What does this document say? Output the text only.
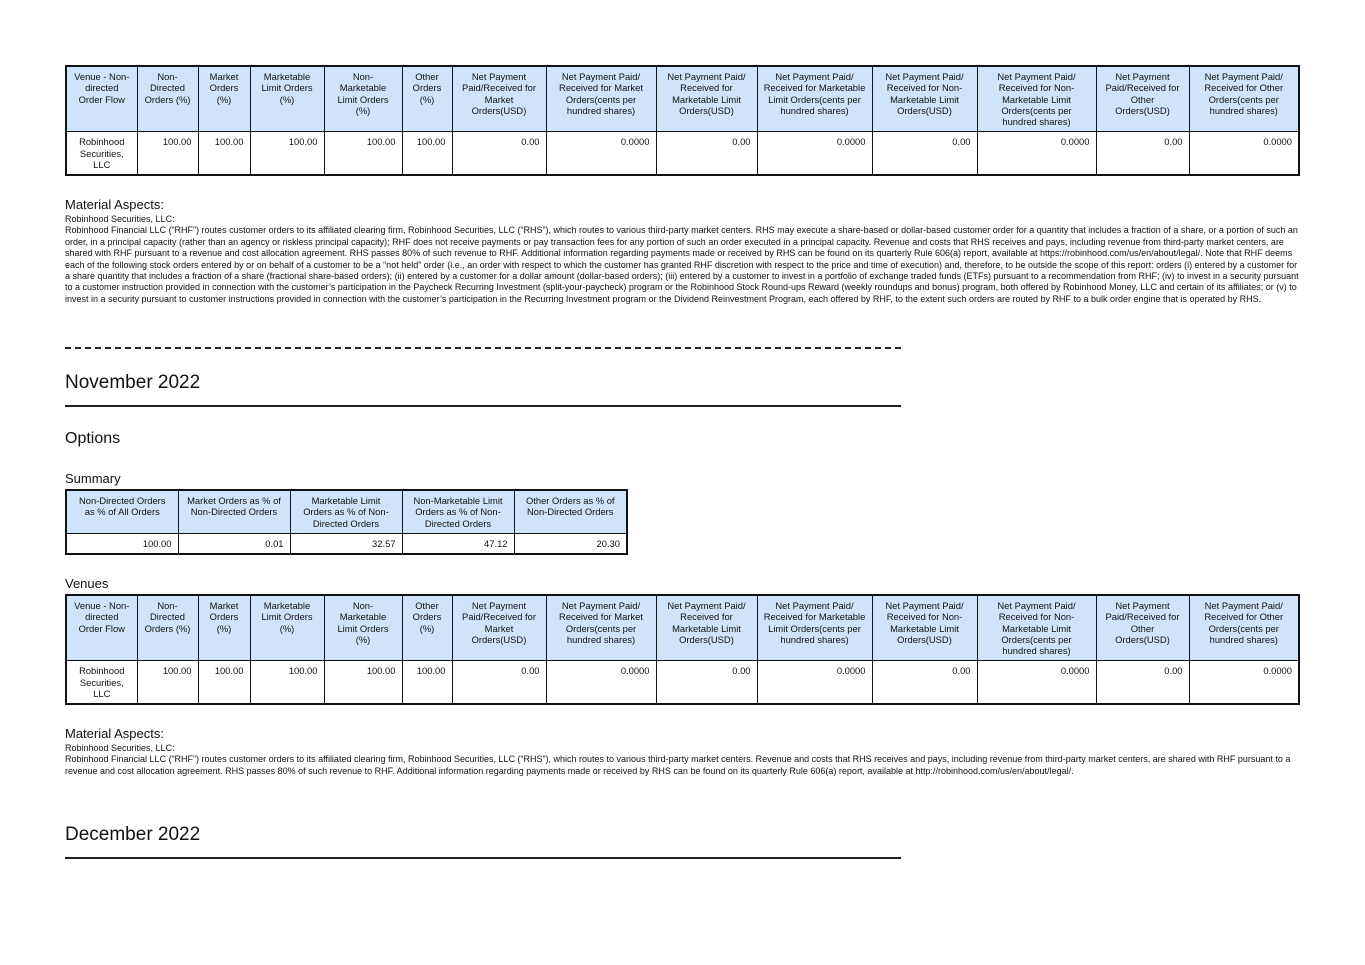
Venue - Non-directed Order Flow	Non-Directed Orders (%)	Market Orders (%)	Marketable Limit Orders (%)	Non-Marketable Limit Orders (%)	Other Orders (%)	Net Payment Paid/Received for Market Orders(USD)	Net Payment Paid/ Received for Market Orders(cents per hundred shares)	Net Payment Paid/ Received for Marketable Limit Orders(USD)	Net Payment Paid/ Received for Marketable Limit Orders(cents per hundred shares)	Net Payment Paid/ Received for Non-Marketable Limit Orders(USD)	Net Payment Paid/ Received for Non-Marketable Limit Orders(cents per hundred shares)	Net Payment Paid/Received for Other Orders(USD)	Net Payment Paid/ Received for Other Orders(cents per hundred shares)
Robinhood Securities, LLC	100.00	100.00	100.00	100.00	100.00	0.00	0.0000	0.00	0.0000	0.00	0.0000	0.00	0.0000
Material Aspects:

Robinhood Securities, LLC:
Robinhood Financial LLC (“RHF”) routes customer orders to its affiliated clearing firm, Robinhood Securities, LLC (“RHS”), which routes to various third-party market centers. RHS may execute a share-based or dollar-based customer order for a quantity that includes a fraction of a share, or a portion of such an order, in a principal capacity (rather than an agency or riskless principal capacity); RHF does not receive payments or pay transaction fees for any portion of such an order executed in a principal capacity. Revenue and costs that RHS receives and pays, including revenue from third-party market centers, are shared with RHF pursuant to a revenue and cost allocation agreement. RHS passes 80% of such revenue to RHF. Additional information regarding payments made or received by RHS can be found on its quarterly Rule 606(a) report, available at https://robinhood.com/us/en/about/legal/. Note that RHF deems each of the following stock orders entered by or on behalf of a customer to be a “not held” order (i.e., an order with respect to which the customer has granted RHF discretion with respect to the price and time of execution) and, therefore, to be outside the scope of this report: orders (i) entered by a customer for a share quantity that includes a fraction of a share (fractional share-based orders); (ii) entered by a customer for a dollar amount (dollar-based orders); (iii) entered by a customer to invest in a portfolio of exchange traded funds (ETFs) pursuant to a recommendation from RHF; (iv) to invest in a security pursuant to a customer instruction provided in connection with the customer’s participation in the Paycheck Recurring Investment (split-your-paycheck) program or the Robinhood Stock Round-ups Reward (weekly roundups and bonus) program, both offered by Robinhood Money, LLC and certain of its affiliates; or (v) to invest in a security pursuant to customer instructions provided in connection with the customer’s participation in the Recurring Investment program or the Dividend Reinvestment Program, each offered by RHF, to the extent such orders are routed by RHF to a bulk order engine that is operated by RHS.

November 2022
Options
Summary
Non-Directed Orders as % of All Orders	Market Orders as % of Non-Directed Orders	Marketable Limit Orders as % of Non-Directed Orders	Non-Marketable Limit Orders as % of Non-Directed Orders	Other Orders as % of Non-Directed Orders
100.00	0.01	32.57	47.12	20.30
Venues
Venue - Non-directed Order Flow	Non-Directed Orders (%)	Market Orders (%)	Marketable Limit Orders (%)	Non-Marketable Limit Orders (%)	Other Orders (%)	Net Payment Paid/Received for Market Orders(USD)	Net Payment Paid/ Received for Market Orders(cents per hundred shares)	Net Payment Paid/ Received for Marketable Limit Orders(USD)	Net Payment Paid/ Received for Marketable Limit Orders(cents per hundred shares)	Net Payment Paid/ Received for Non-Marketable Limit Orders(USD)	Net Payment Paid/ Received for Non-Marketable Limit Orders(cents per hundred shares)	Net Payment Paid/Received for Other Orders(USD)	Net Payment Paid/ Received for Other Orders(cents per hundred shares)
Robinhood Securities, LLC	100.00	100.00	100.00	100.00	100.00	0.00	0.0000	0.00	0.0000	0.00	0.0000	0.00	0.0000
Material Aspects:

Robinhood Securities, LLC:
Robinhood Financial LLC (“RHF”) routes customer orders to its affiliated clearing firm, Robinhood Securities, LLC (“RHS”), which routes to various third-party market centers. Revenue and costs that RHS receives and pays, including revenue from third-party market centers, are shared with RHF pursuant to a revenue and cost allocation agreement. RHS passes 80% of such revenue to RHF. Additional information regarding payments made or received by RHS can be found on its quarterly Rule 606(a) report, available at http://robinhood.com/us/en/about/legal/.

December 2022
